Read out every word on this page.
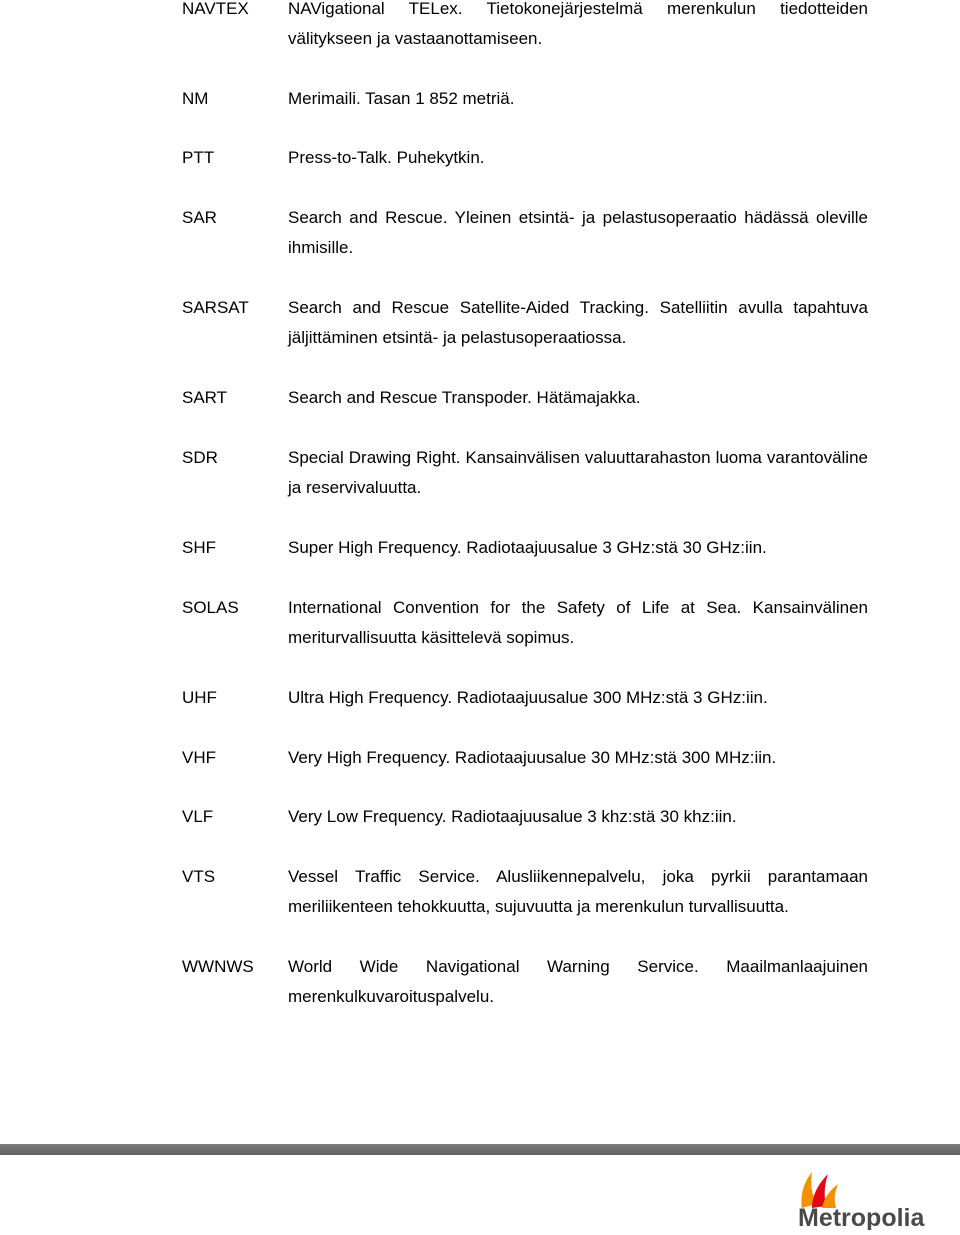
NAVTEX	NAVigational TELex. Tietokonejärjestelmä merenkulun tiedotteiden välitykseen ja vastaanottamiseen.
NM	Merimaili. Tasan 1 852 metriä.
PTT	Press-to-Talk. Puhekytkin.
SAR	Search and Rescue. Yleinen etsintä- ja pelastusoperaatio hädässä oleville ihmisille.
SARSAT	Search and Rescue Satellite-Aided Tracking. Satelliitin avulla tapahtuva jäljittäminen etsintä- ja pelastusoperaatiossa.
SART	Search and Rescue Transpoder. Hätämajakka.
SDR	Special Drawing Right. Kansainvälisen valuuttarahaston luoma varantoväline ja reservivaluutta.
SHF	Super High Frequency. Radiotaajuusalue 3 GHz:stä 30 GHz:iin.
SOLAS	International Convention for the Safety of Life at Sea. Kansainvälinen meriturvallisuutta käsittelevä sopimus.
UHF	Ultra High Frequency. Radiotaajuusalue 300 MHz:stä 3 GHz:iin.
VHF	Very High Frequency. Radiotaajuusalue 30 MHz:stä 300 MHz:iin.
VLF	Very Low Frequency. Radiotaajuusalue 3 khz:stä 30 khz:iin.
VTS	Vessel Traffic Service. Alusliikennepalvelu, joka pyrkii parantamaan meriliikenteen tehokkuutta, sujuvuutta ja merenkulun turvallisuutta.
WWNWS	World Wide Navigational Warning Service. Maailmanlaajuinen merenkulkuvaroituspalvelu.
Metropolia
